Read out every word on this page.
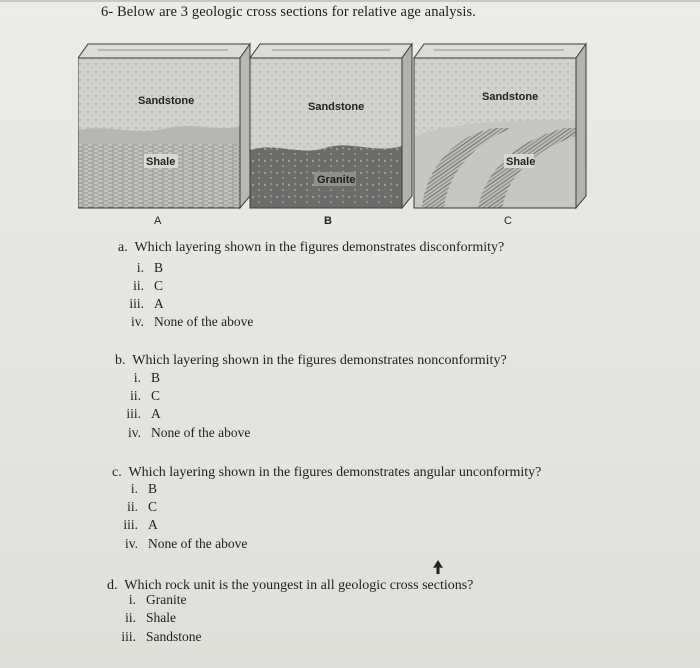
6- Below are 3 geologic cross sections for relative age analysis.
Sandstone
Shale
A
Sandstone
Granite
B
Sandstone
Shale
C
a. Which layering shown in the figures demonstrates disconformity?
i. B
ii. C
iii. A
iv. None of the above
b. Which layering shown in the figures demonstrates nonconformity?
i. B
ii. C
iii. A
iv. None of the above
c. Which layering shown in the figures demonstrates angular unconformity?
i. B
ii. C
iii. A
iv. None of the above
d. Which rock unit is the youngest in all geologic cross sections?
i. Granite
ii. Shale
iii. Sandstone
